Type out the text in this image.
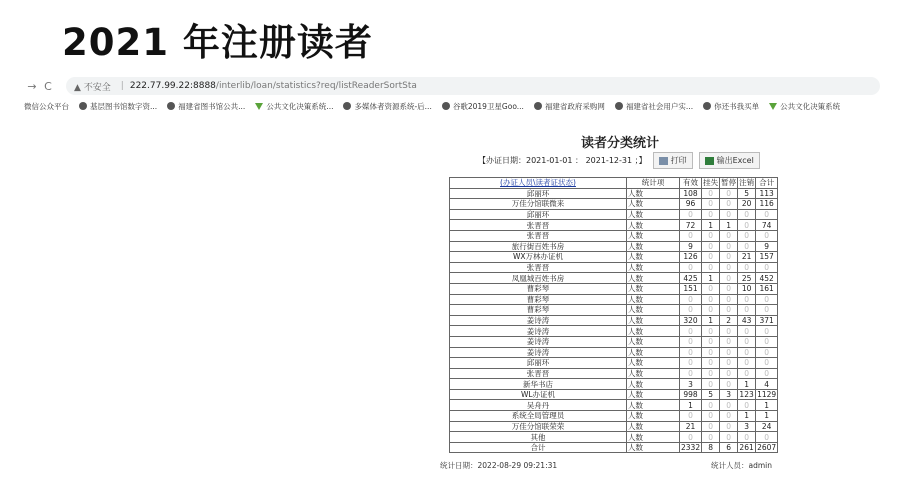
2021 年注册读者
→ C	▲ 不安全 | 222.77.99.22:8888 /interlib/loan/statistics?req/listReaderSortSta
微信公众平台	基层图书馆数字资...	福建省图书馆公共...	公共文化决策系统...	多媒体者资源系统-后...	谷歌2019卫星Goo...	福建省政府采购网	福建省社会用户实...	你还书我买单	公共文化决策系统
读者分类统计
【办证日期：2021-01-01 ： 2021-12-31 ；】	打印	输出Excel
(办证人员\读者证状态)	统计项	有效	挂失	暂停	注销	合计
邱丽环	人数	108	0	0	5	113
万佳分馆联微来	人数	96	0	0	20	116
邱丽环	人数	0	0	0	0	0
张晋晋	人数	72	1	1	0	74
张晋晋	人数	0	0	0	0	0
旅行街百姓书房	人数	9	0	0	0	9
WX万林办证机	人数	126	0	0	21	157
张晋晋	人数	0	0	0	0	0
凤凰城百姓书房	人数	425	1	0	25	452
曹彩琴	人数	151	0	0	10	161
曹彩琴	人数	0	0	0	0	0
曹彩琴	人数	0	0	0	0	0
姜诗涛	人数	320	1	2	43	371
姜诗涛	人数	0	0	0	0	0
姜诗涛	人数	0	0	0	0	0
姜诗涛	人数	0	0	0	0	0
邱丽环	人数	0	0	0	0	0
张晋晋	人数	0	0	0	0	0
新华书店	人数	3	0	0	1	4
WL办证机	人数	998	5	3	123	1129
吴舟丹	人数	1	0	0	0	1
系统全局管理员	人数	0	0	0	1	1
万佳分馆联荣荣	人数	21	0	0	3	24
其他	人数	0	0	0	0	0
合计	人数	2332	8	6	261	2607
统计日期：2022-08-29 09:21:31	统计人员：admin
